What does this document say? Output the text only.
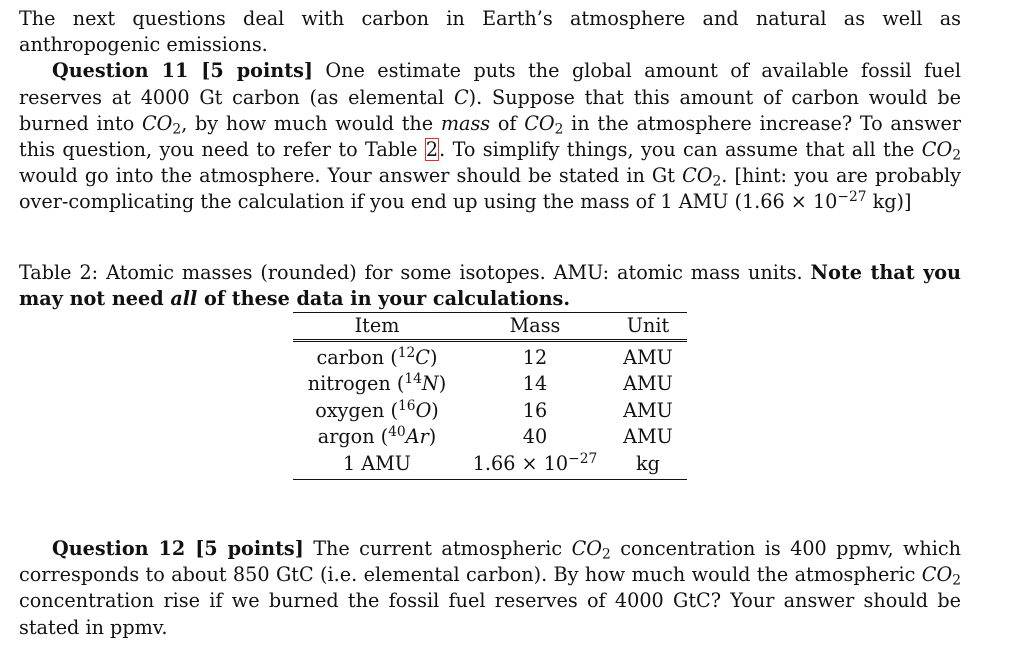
The next questions deal with carbon in Earth’s atmosphere and natural as well as anthropogenic emissions.

Question 11 [5 points] One estimate puts the global amount of available fossil fuel reserves at 4000 Gt carbon (as elemental C). Suppose that this amount of carbon would be burned into $CO_2$, by how much would the mass of $CO_2$ in the atmosphere increase? To answer this question, you need to refer to Table 2. To simplify things, you can assume that all the $CO_2$ would go into the atmosphere. Your answer should be stated in Gt $CO_2$. [hint: you are probably over-complicating the calculation if you end up using the mass of 1 AMU ($1.66 \times 10^{-27}$ kg)]

Table 2: Atomic masses (rounded) for some isotopes. AMU: atomic mass units. Note that you may not need all of these data in your calculations.

Item	Mass	Unit
carbon ($^{12}$C)	12	AMU
nitrogen ($^{14}$N)	14	AMU
oxygen ($^{16}$O)	16	AMU
argon ($^{40}$Ar)	40	AMU
1 AMU	$1.66 \times 10^{-27}$	kg

Question 12 [5 points] The current atmospheric $CO_2$ concentration is 400 ppmv, which corresponds to about 850 GtC (i.e. elemental carbon). By how much would the atmospheric $CO_2$ concentration rise if we burned the fossil fuel reserves of 4000 GtC? Your answer should be stated in ppmv.
